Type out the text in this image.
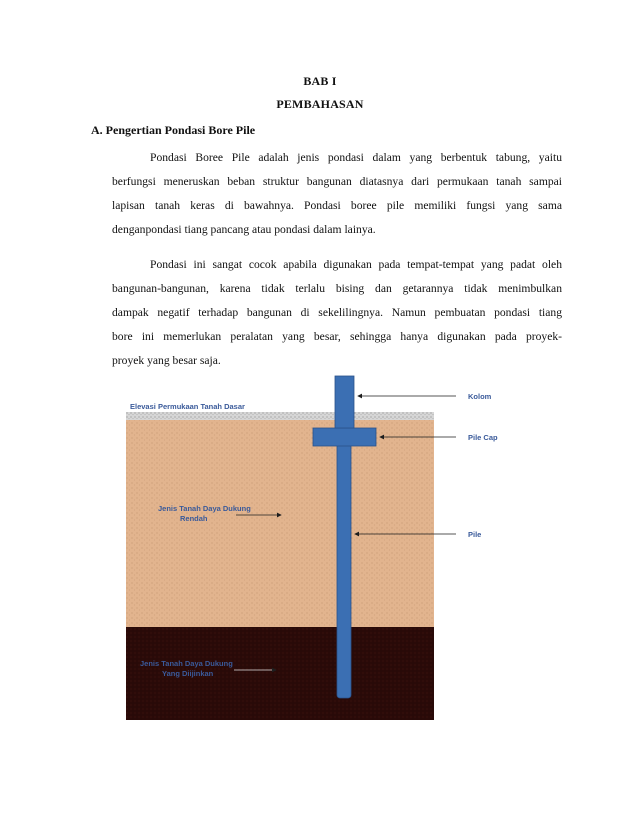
BAB I
PEMBAHASAN
A. Pengertian Pondasi Bore Pile
Pondasi Boree Pile adalah jenis pondasi dalam yang berbentuk tabung, yaitu
berfungsi meneruskan beban struktur bangunan diatasnya dari permukaan tanah sampai
lapisan tanah keras di bawahnya. Pondasi boree pile memiliki fungsi yang sama
denganpondasi tiang pancang atau pondasi dalam lainya.
Pondasi ini sangat cocok apabila digunakan pada tempat-tempat yang padat oleh
bangunan-bangunan, karena tidak terlalu bising dan getarannya tidak menimbulkan
dampak negatif terhadap bangunan di sekelilingnya. Namun pembuatan pondasi tiang
bore ini memerlukan peralatan yang besar, sehingga hanya digunakan pada proyek-
proyek yang besar saja.
Elevasi Permukaan Tanah Dasar
Jenis Tanah Daya Dukung
Rendah
Jenis Tanah Daya Dukung
Yang Diijinkan
Kolom
Pile Cap
Pile
